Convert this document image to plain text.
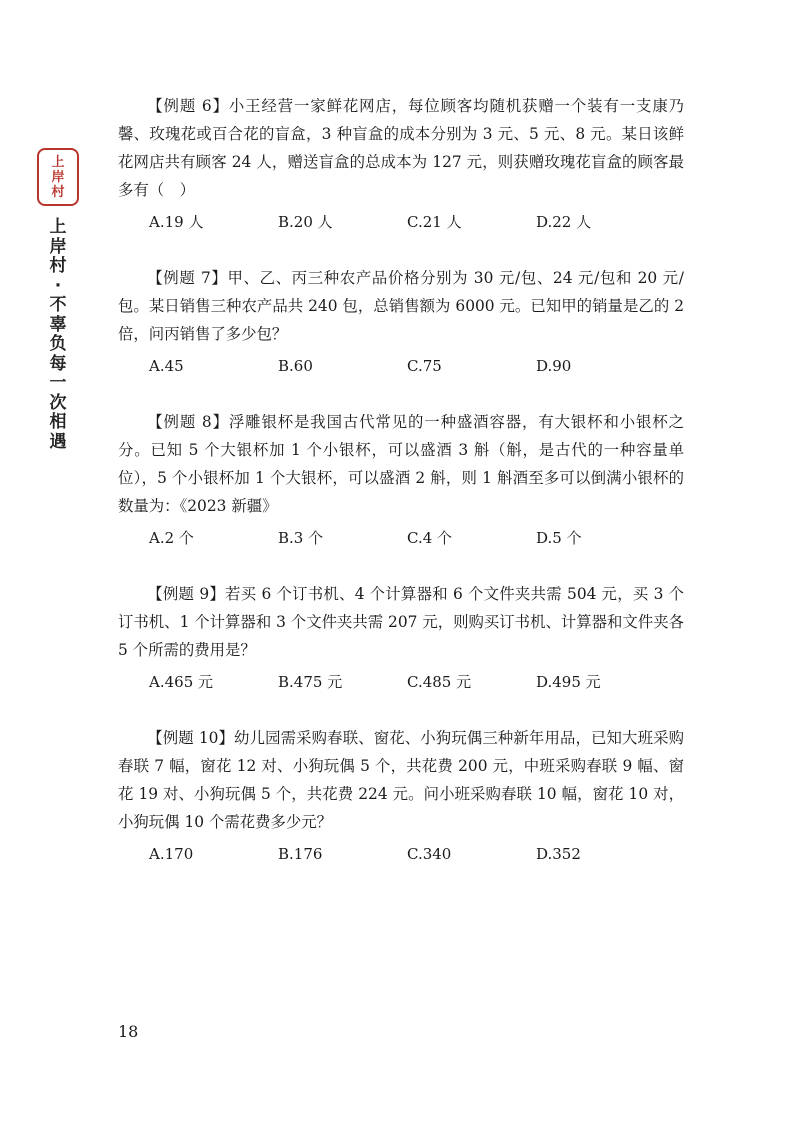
上
岸
村
上
岸
村
·
不
辜
负
每
一
次
相
遇

【例题 6】小王经营一家鲜花网店，每位顾客均随机获赠一个装有一支康乃馨、玫瑰花或百合花的盲盒，3 种盲盒的成本分别为 3 元、5 元、8 元。某日该鲜花网店共有顾客 24 人，赠送盲盒的总成本为 127 元，则获赠玫瑰花盲盒的顾客最多有（　）

A.19 人	B.20 人	C.21 人	D.22 人

【例题 7】甲、乙、丙三种农产品价格分别为 30 元/包、24 元/包和 20 元/包。某日销售三种农产品共 240 包，总销售额为 6000 元。已知甲的销量是乙的 2 倍，问丙销售了多少包？

A.45	B.60	C.75	D.90

【例题 8】浮雕银杯是我国古代常见的一种盛酒容器，有大银杯和小银杯之分。已知 5 个大银杯加 1 个小银杯，可以盛酒 3 斛（斛，是古代的一种容量单位），5 个小银杯加 1 个大银杯，可以盛酒 2 斛，则 1 斛酒至多可以倒满小银杯的数量为：《2023 新疆》

A.2 个	B.3 个	C.4 个	D.5 个

【例题 9】若买 6 个订书机、4 个计算器和 6 个文件夹共需 504 元，买 3 个订书机、1 个计算器和 3 个文件夹共需 207 元，则购买订书机、计算器和文件夹各 5 个所需的费用是？

A.465 元	B.475 元	C.485 元	D.495 元

【例题 10】幼儿园需采购春联、窗花、小狗玩偶三种新年用品，已知大班采购春联 7 幅，窗花 12 对、小狗玩偶 5 个，共花费 200 元，中班采购春联 9 幅、窗花 19 对、小狗玩偶 5 个，共花费 224 元。问小班采购春联 10 幅，窗花 10 对，小狗玩偶 10 个需花费多少元？

A.170	B.176	C.340	D.352
18
